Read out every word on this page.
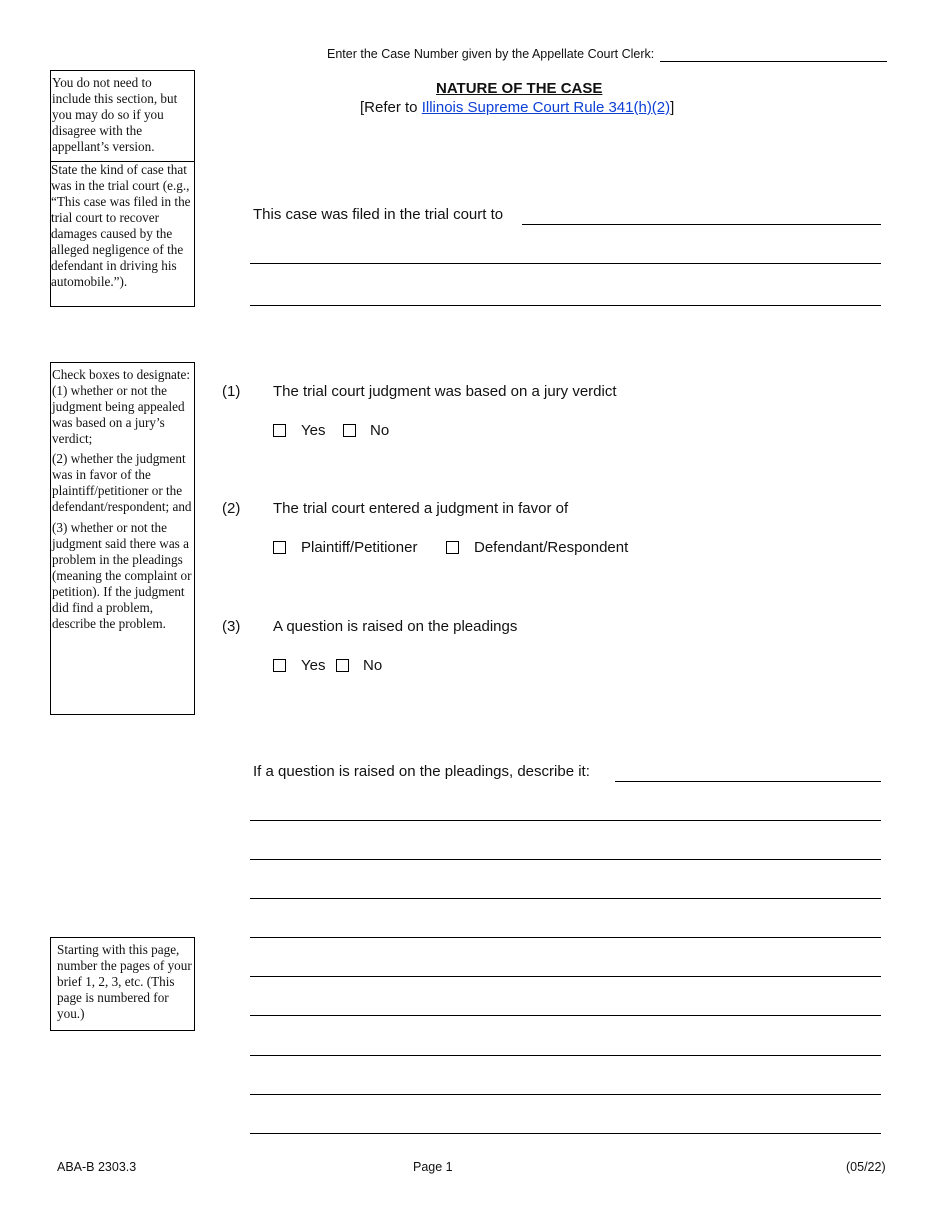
Enter the Case Number given by the Appellate Court Clerk:
NATURE OF THE CASE
[Refer to Illinois Supreme Court Rule 341(h)(2)]
You do not need to include this section, but you may do so if you disagree with the appellant’s version.
State the kind of case that was in the trial court (e.g., “This case was filed in the trial court to recover damages caused by the alleged negligence of the defendant in driving his automobile.”).
This case was filed in the trial court to
Check boxes to designate:
(1) whether or not the judgment being appealed was based on a jury’s verdict;
(2) whether the judgment was in favor of the plaintiff/petitioner or the defendant/respondent; and
(3) whether or not the judgment said there was a problem in the pleadings (meaning the complaint or petition). If the judgment did find a problem, describe the problem.
(1) The trial court judgment was based on a jury verdict
Yes	No
(2) The trial court entered a judgment in favor of
Plaintiff/Petitioner	Defendant/Respondent
(3) A question is raised on the pleadings
Yes	No
If a question is raised on the pleadings, describe it:
Starting with this page, number the pages of your brief 1, 2, 3, etc. (This page is numbered for you.)
ABA-B 2303.3	Page 1	(05/22)
